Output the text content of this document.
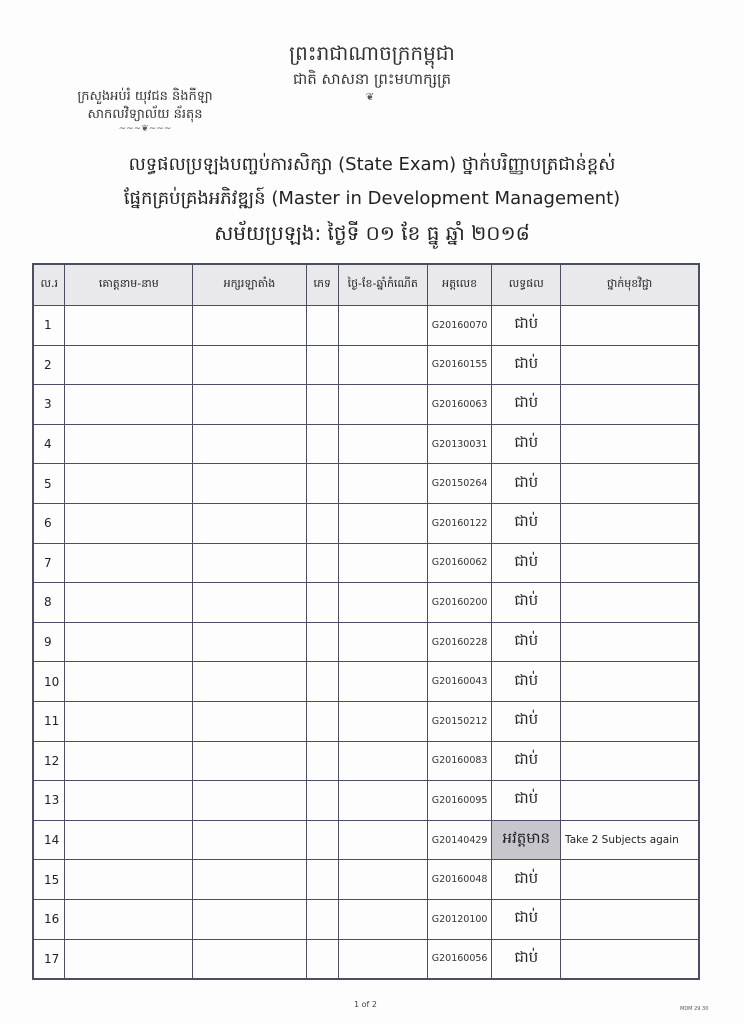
ព្រះរាជាណាចក្រកម្ពុជា
ជាតិ សាសនា ព្រះមហាក្សត្រ
❦
ក្រសួងអប់រំ យុវជន និងកីឡា
សាកលវិទ្យាល័យ ន័រតុន
~~~❦~~~
លទ្ធផលប្រឡងបញ្ចប់ការសិក្សា (State Exam) ថ្នាក់បរិញ្ញាបត្រជាន់ខ្ពស់
ផ្នែកគ្រប់គ្រងអភិវឌ្ឍន៍ (Master in Development Management)
សម័យប្រឡង: ថ្ងៃទី ០១ ខែ ធ្នូ ឆ្នាំ ២០១៨
ល.រ	គោត្តនាម-នាម	អក្សរឡាតាំង	ភេទ	ថ្ងៃ-ខែ-ឆ្នាំកំណើត	អត្តលេខ	លទ្ធផល	ថ្នាក់មុខវិជ្ជា
1					G20160070	ជាប់	
2					G20160155	ជាប់	
3					G20160063	ជាប់	
4					G20130031	ជាប់	
5					G20150264	ជាប់	
6					G20160122	ជាប់	
7					G20160062	ជាប់	
8					G20160200	ជាប់	
9					G20160228	ជាប់	
10					G20160043	ជាប់	
11					G20150212	ជាប់	
12					G20160083	ជាប់	
13					G20160095	ជាប់	
14					G20140429	អវត្តមាន	Take 2 Subjects again
15					G20160048	ជាប់	
16					G20120100	ជាប់	
17					G20160056	ជាប់	
1 of 2	MDM 29 30
